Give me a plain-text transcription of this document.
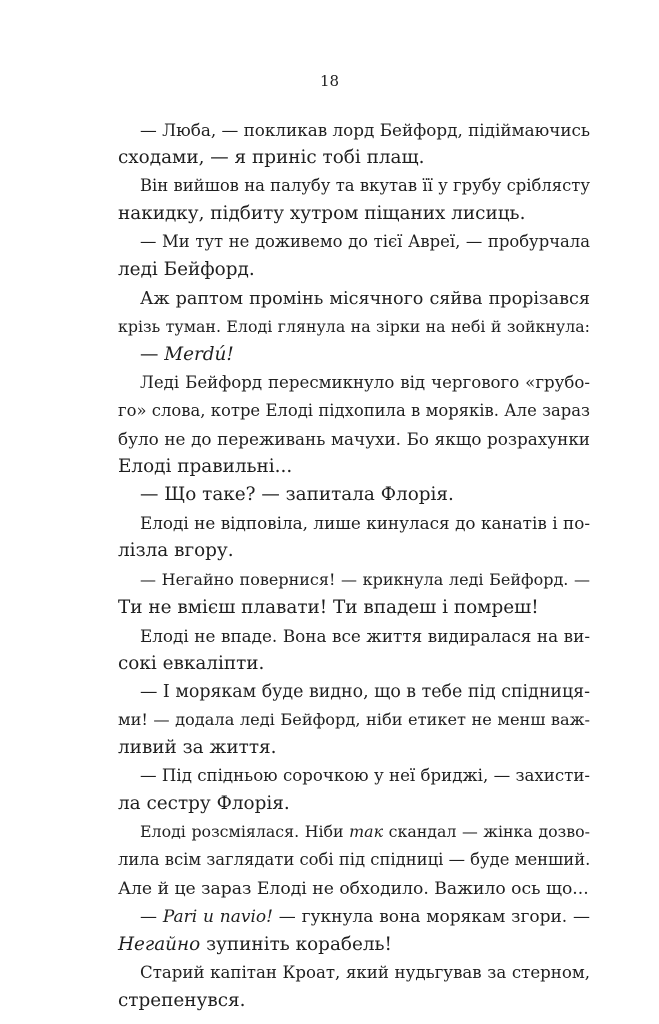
18
— Люба, — покликав лорд Бейфорд, підіймаючись
сходами, — я приніс тобі плащ.
Він вийшов на палубу та вкутав її у грубу сріблясту
накидку, підбиту хутром піщаних лисиць.
— Ми тут не доживемо до тієї Авреї, — пробурчала
леді Бейфорд.
Аж раптом промінь місячного сяйва прорізався
крізь туман. Елоді глянула на зірки на небі й зойкнула:
— Merdú!
Леді Бейфорд пересмикнуло від чергового «грубо-
го» слова, котре Елоді підхопила в моряків. Але зараз
було не до переживань мачухи. Бо якщо розрахунки
Елоді правильні...
— Що таке? — запитала Флорія.
Елоді не відповіла, лише кинулася до канатів і по-
лізла вгору.
— Негайно повернися! — крикнула леді Бейфорд. —
Ти не вмієш плавати! Ти впадеш і помреш!
Елоді не впаде. Вона все життя видиралася на ви-
сокі евкаліпти.
— І морякам буде видно, що в тебе під спідниця-
ми! — додала леді Бейфорд, ніби етикет не менш важ-
ливий за життя.
— Під спідньою сорочкою у неї бриджі, — захисти-
ла сестру Флорія.
Елоді розсміялася. Ніби так скандал — жінка дозво-
лила всім заглядати собі під спідниці — буде менший.
Але й це зараз Елоді не обходило. Важило ось що...
— Pari u navio! — гукнула вона морякам згори. —
Негайно зупиніть корабель!
Старий капітан Кроат, який нудьгував за стерном,
стрепенувся.
